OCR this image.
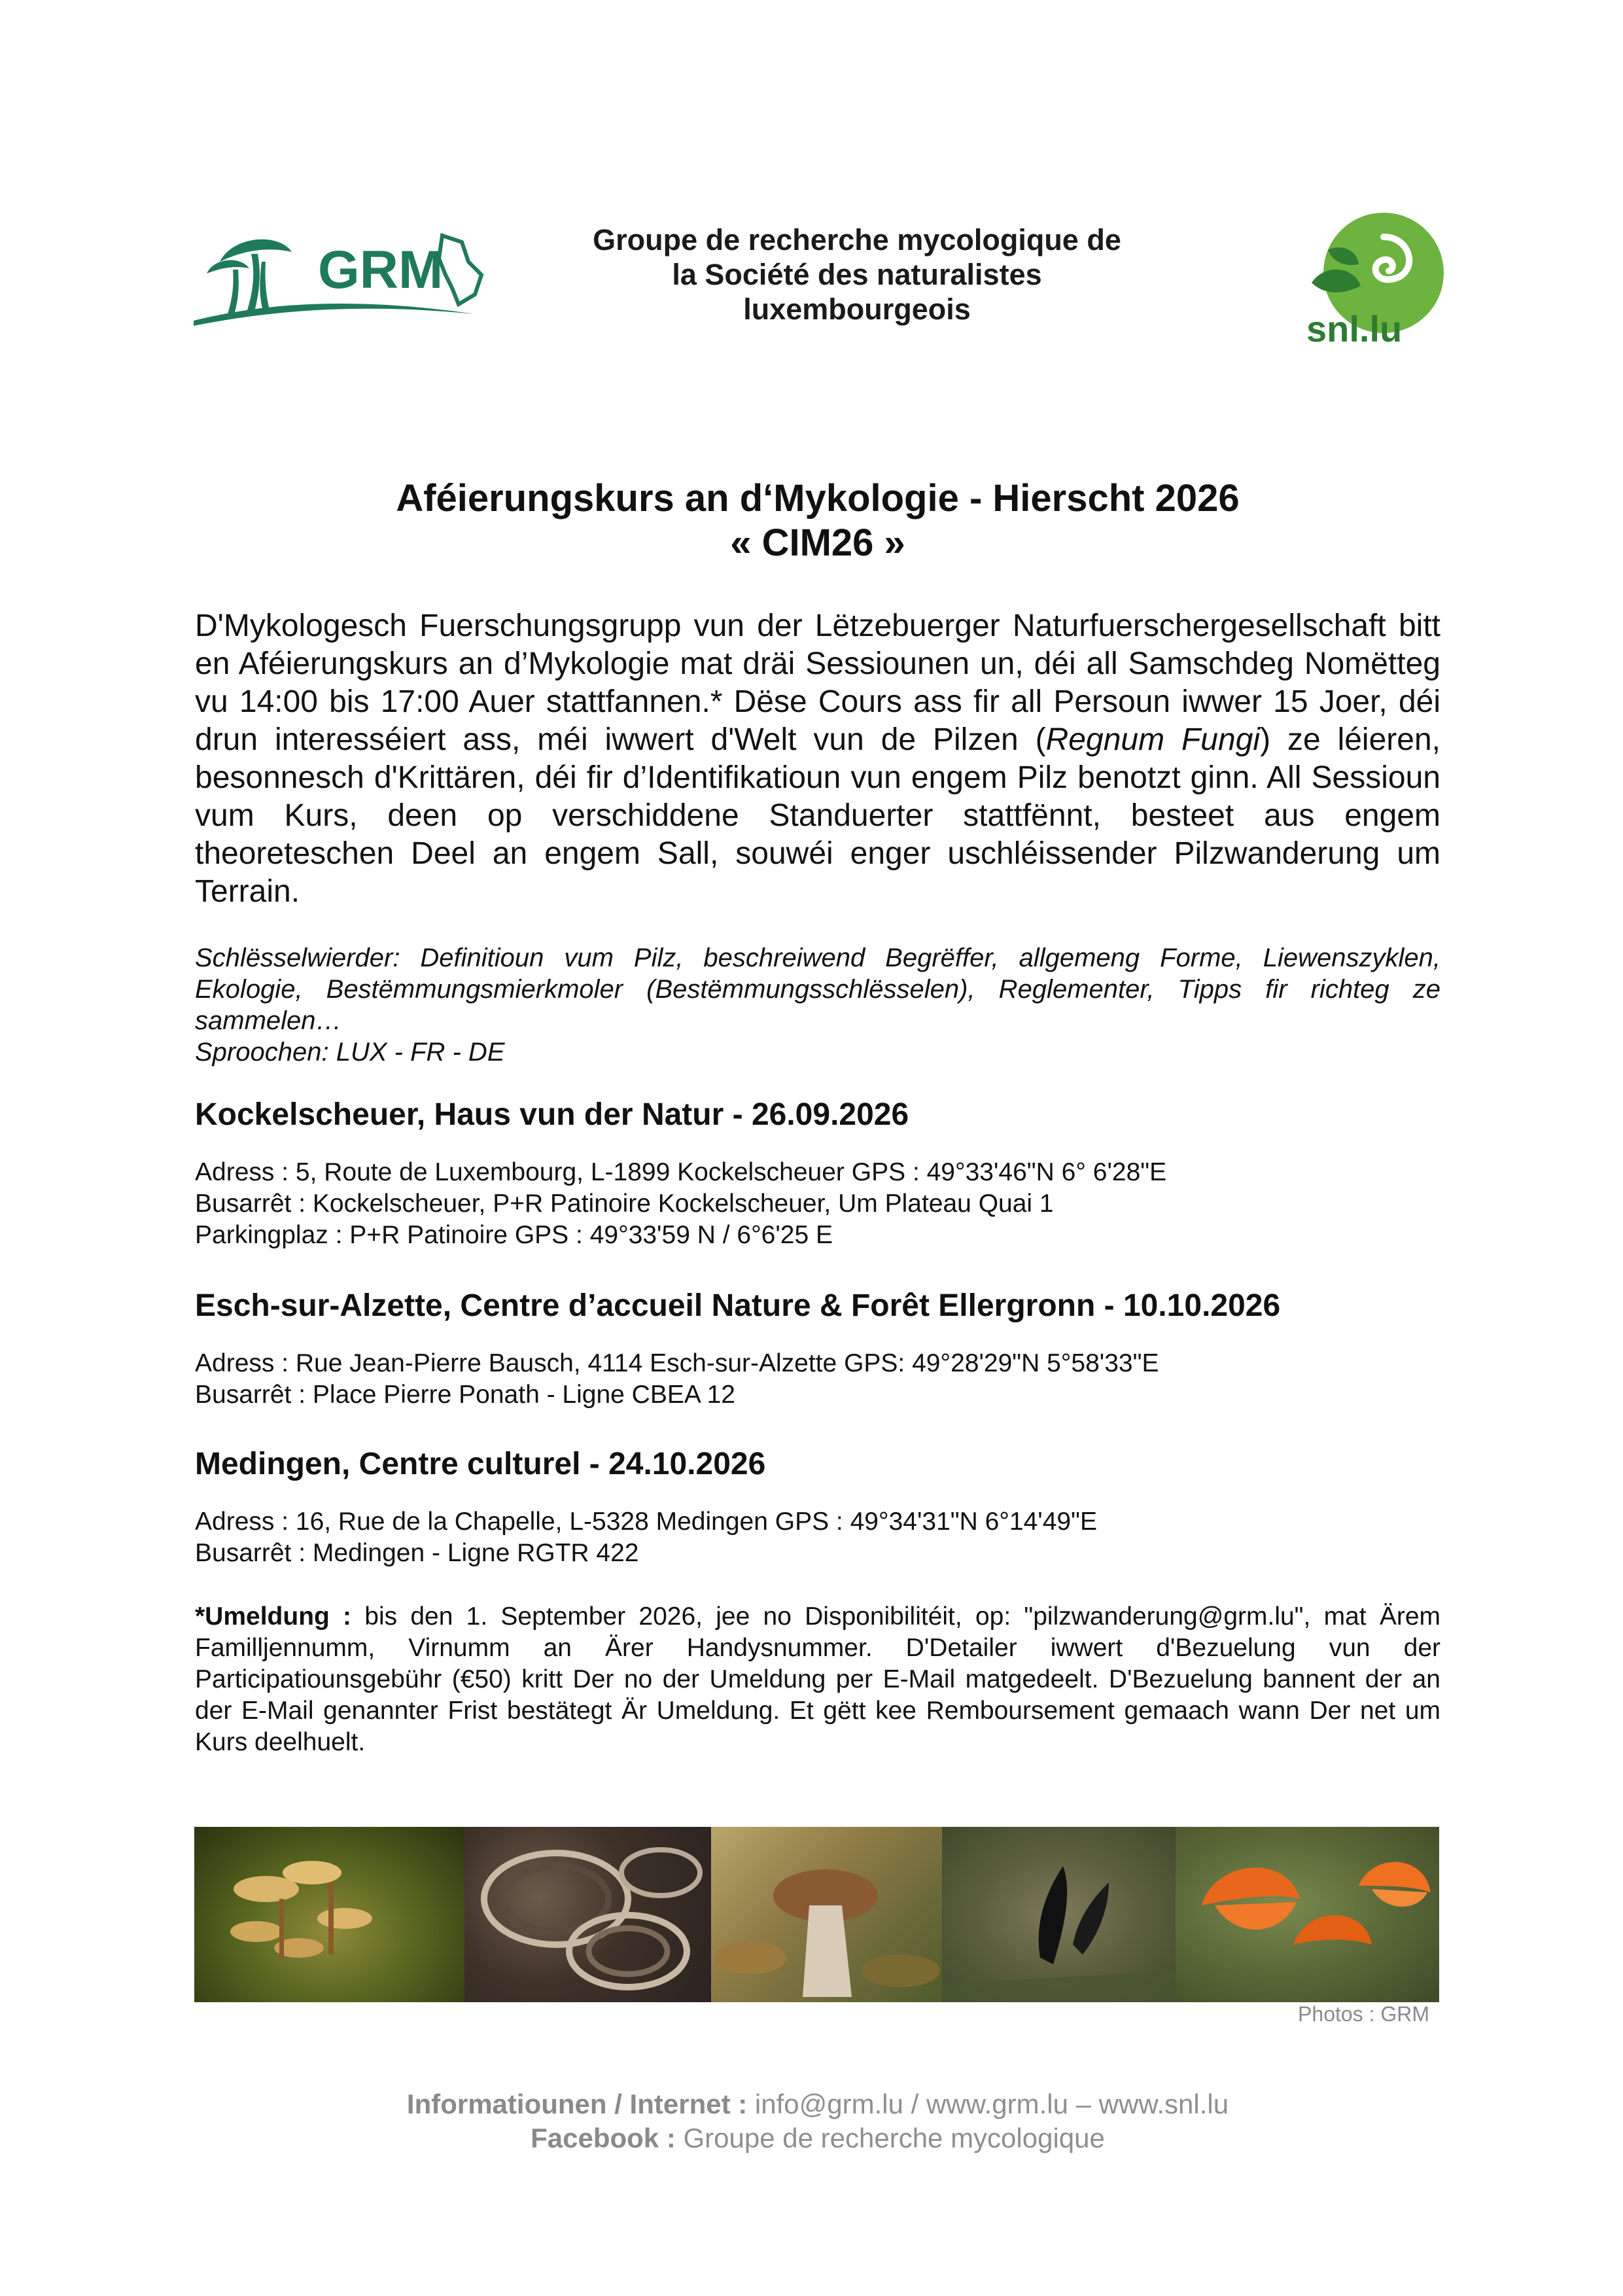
GRM
Groupe de recherche mycologique de
la Société des naturalistes
luxembourgeois	snl.lu
Aféierungskurs an d‘Mykologie - Hierscht 2026
« CIM26 »
D'Mykologesch Fuerschungsgrupp vun der Lëtzebuerger Naturfuerschergesellschaft bitt en Aféierungskurs an d’Mykologie mat dräi Sessiounen un, déi all Samschdeg Nomëtteg vu 14:00 bis 17:00 Auer stattfannen.* Dëse Cours ass fir all Persoun iwwer 15 Joer, déi drun interesséiert ass, méi iwwert d'Welt vun de Pilzen (Regnum Fungi) ze léieren, besonnesch d'Krittären, déi fir d’Identifikatioun vun engem Pilz benotzt ginn. All Sessioun vum Kurs, deen op verschiddene Standuerter stattfënnt, besteet aus engem theoreteschen Deel an engem Sall, souwéi enger uschléissender Pilzwanderung um Terrain.

Schlësselwierder: Definitioun vum Pilz, beschreiwend Begrëffer, allgemeng Forme, Liewenszyklen, Ekologie, Bestëmmungsmierkmoler (Bestëmmungsschlësselen), Reglementer, Tipps fir richteg ze sammelen…

Sproochen: LUX - FR - DE

Kockelscheuer, Haus vun der Natur - 26.09.2026
Adress : 5, Route de Luxembourg, L-1899 Kockelscheuer GPS : 49°33'46"N 6° 6'28"E
Busarrêt : Kockelscheuer, P+R Patinoire Kockelscheuer, Um Plateau Quai 1
Parkingplaz : P+R Patinoire GPS : 49°33'59 N / 6°6'25 E
Esch-sur-Alzette, Centre d’accueil Nature & Forêt Ellergronn - 10.10.2026
Adress : Rue Jean-Pierre Bausch, 4114 Esch-sur-Alzette GPS: 49°28'29"N 5°58'33"E
Busarrêt : Place Pierre Ponath - Ligne CBEA 12
Medingen, Centre culturel - 24.10.2026
Adress : 16, Rue de la Chapelle, L-5328 Medingen GPS : 49°34'31"N 6°14'49"E
Busarrêt : Medingen - Ligne RGTR 422
*Umeldung : bis den 1. September 2026, jee no Disponibilitéit, op: "pilzwanderung@grm.lu", mat Ärem Familljennumm, Virnumm an Ärer Handysnummer. D'Detailer iwwert d'Bezuelung vun der Participatiounsgebühr (€50) kritt Der no der Umeldung per E-Mail matgedeelt. D'Bezuelung bannent der an der E-Mail genannter Frist bestätegt Är Umeldung. Et gëtt kee Remboursement gemaach wann Der net um Kurs deelhuelt.
Photos : GRM
Informatiounen / Internet : info@grm.lu / www.grm.lu – www.snl.lu
Facebook : Groupe de recherche mycologique
